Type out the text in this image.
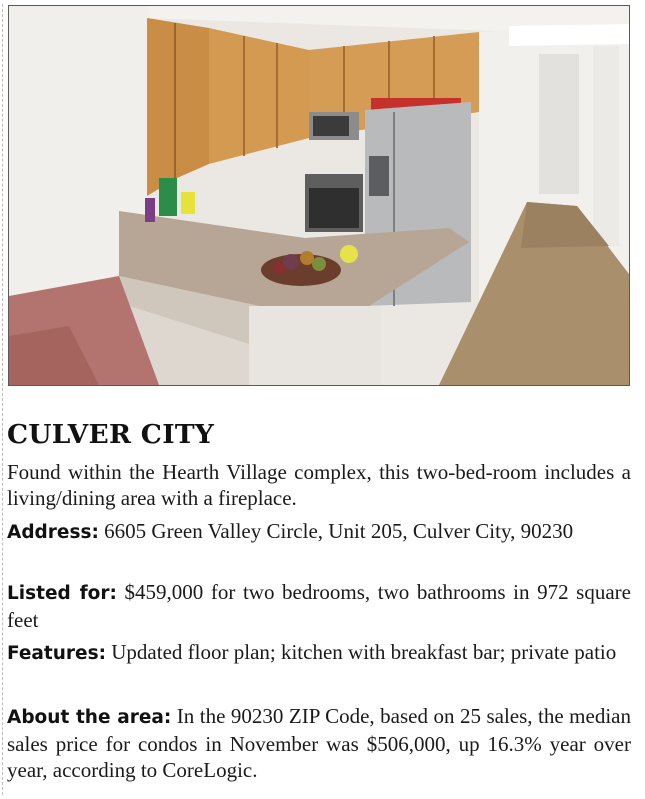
CULVER CITY

Found within the Hearth Village complex, this two-bed-room includes a living/dining area with a fireplace.

Address: 6605 Green Valley Circle, Unit 205, Culver City, 90230

Listed for: $459,000 for two bedrooms, two bathrooms in 972 square feet

Features: Updated floor plan; kitchen with breakfast bar; private patio

About the area: In the 90230 ZIP Code, based on 25 sales, the median sales price for condos in November was $506,000, up 16.3% year over year, according to CoreLogic.
